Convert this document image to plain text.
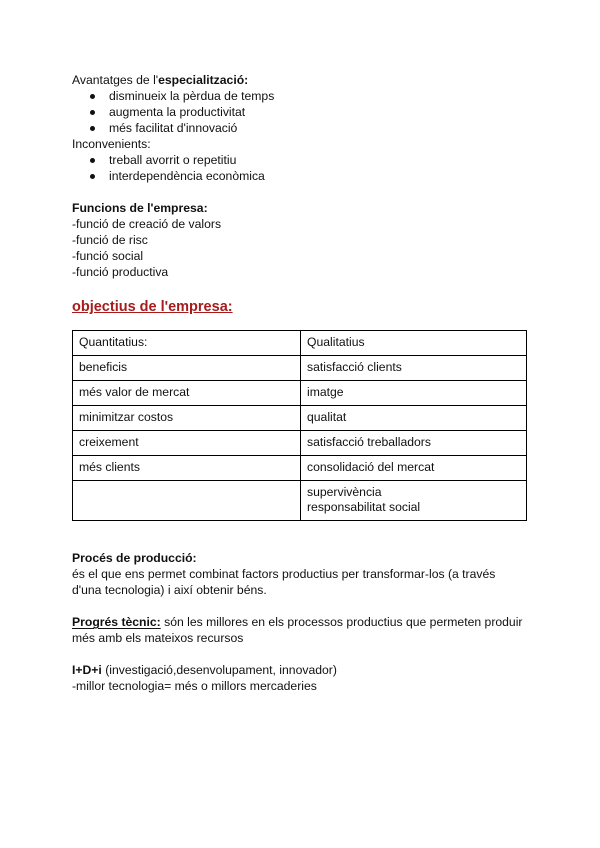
Avantatges de l'especialització:
disminueix la pèrdua de temps
augmenta la productivitat
més facilitat d'innovació
Inconvenients:
treball avorrit o repetitiu
interdependència econòmica
Funcions de l'empresa:
-funció de creació de valors
-funció de risc
-funció social
-funció productiva
objectius de l'empresa:
Quantitatius:	Qualitatius
beneficis	satisfacció clients
més valor de mercat	imatge
minimitzar costos	qualitat
creixement	satisfacció treballadors
més clients	consolidació del mercat

	supervivència
responsabilitat social
Procés de producció:
és el que ens permet combinat factors productius per transformar-los (a través d'una tecnologia) i així obtenir béns.
Progrés tècnic: són les millores en els processos productius que permeten produir més amb els mateixos recursos
I+D+i (investigació,desenvolupament, innovador)
-millor tecnologia= més o millors mercaderies
